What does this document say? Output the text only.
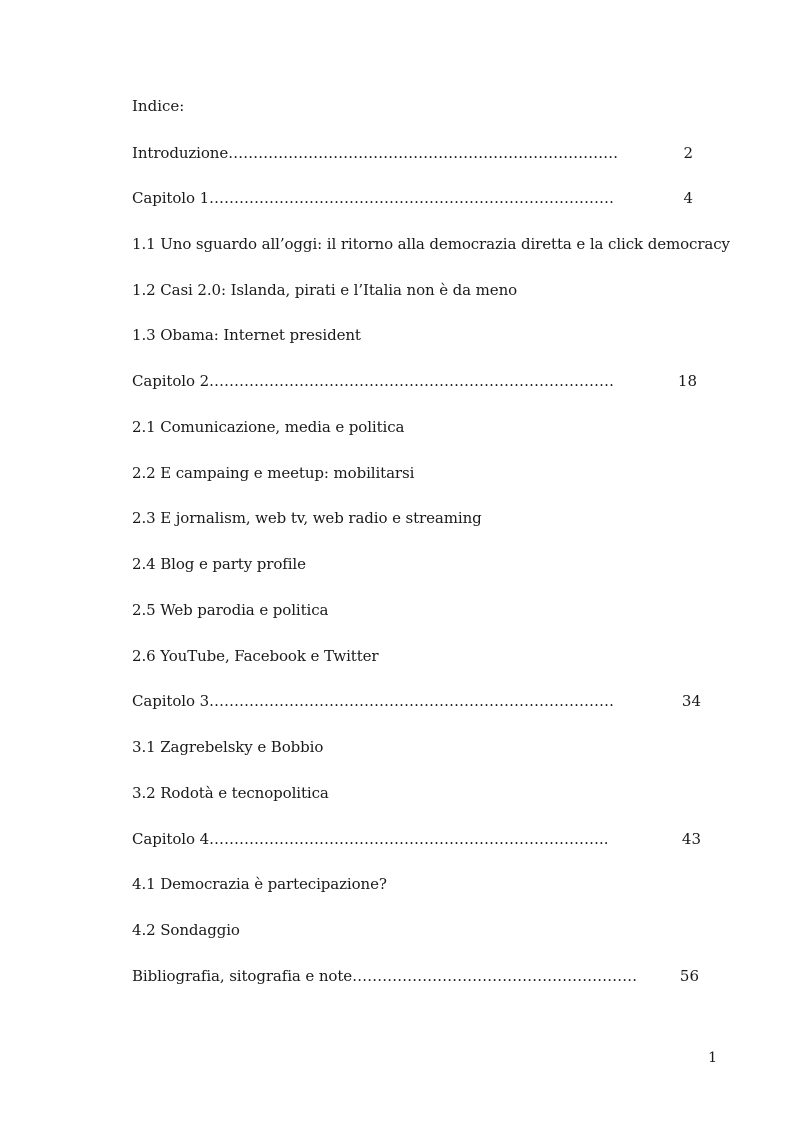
Indice:
Introduzione……………………………………………………………………	2
Capitolo 1………………………………………………………………………	4
1.1 Uno sguardo all’oggi: il ritorno alla democrazia diretta e la click democracy
1.2 Casi 2.0: Islanda, pirati e l’Italia non è da meno
1.3 Obama: Internet president
Capitolo 2………………………………………………………………………	18
2.1 Comunicazione, media e politica
2.2 E campaing e meetup: mobilitarsi
2.3 E jornalism, web tv, web radio e streaming
2.4 Blog e party profile
2.5 Web parodia e politica
2.6 YouTube, Facebook e Twitter
Capitolo 3………………………………………………………………………	34
3.1 Zagrebelsky e Bobbio
3.2 Rodotà e tecnopolitica
Capitolo 4……………………………………………………………………..	43
4.1 Democrazia è partecipazione?
4.2 Sondaggio
Bibliografia, sitografia e note…………………………………………………	56
1
